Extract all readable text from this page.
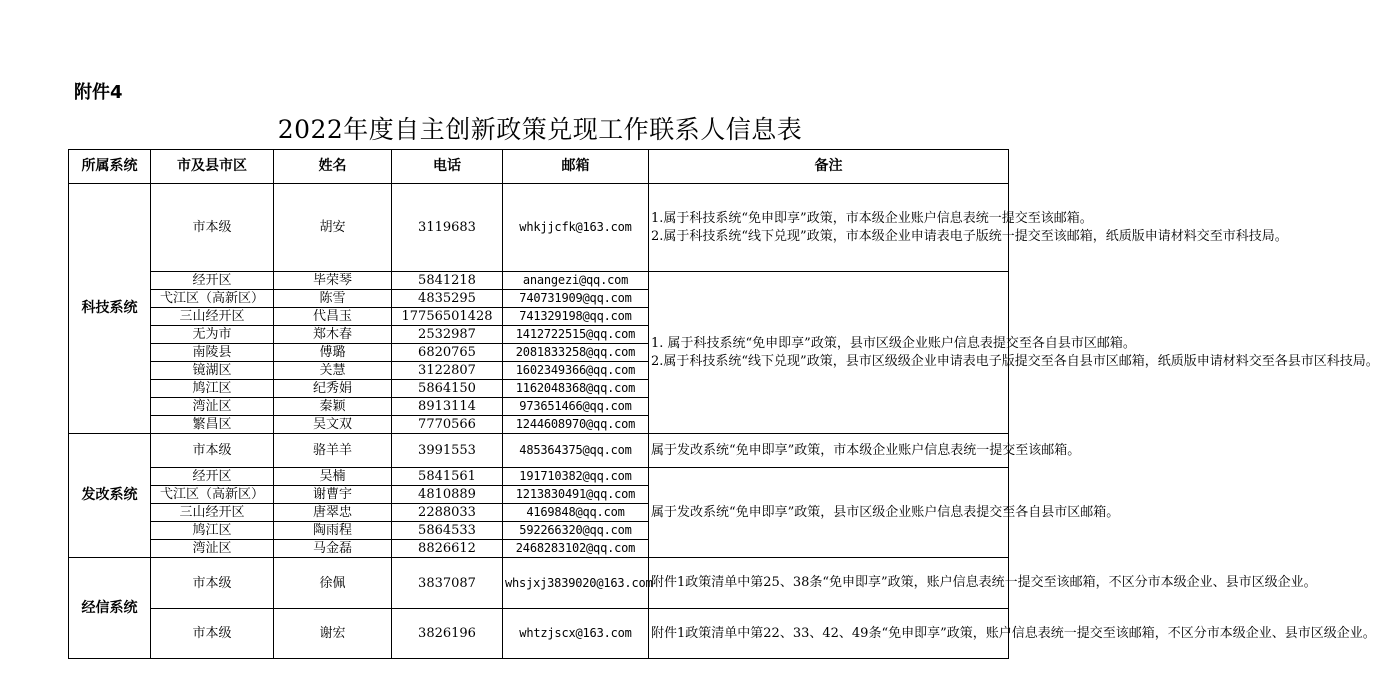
附件4
2022年度自主创新政策兑现工作联系人信息表
所属系统	市及县市区	姓名	电话	邮箱	备注
科技系统	市本级	胡安	3119683	whkjjcfk@163.com	1.属于科技系统“免申即享”政策，市本级企业账户信息表统一提交至该邮箱。

2.属于科技系统“线下兑现”政策，市本级企业申请表电子版统一提交至该邮箱，纸质版申请材料交至市科技局。

	经开区	毕荣琴	5841218	anangezi@qq.com	1. 属于科技系统“免申即享”政策，县市区级企业账户信息表提交至各自县市区邮箱。

2.属于科技系统“线下兑现”政策，县市区级级企业申请表电子版提交至各自县市区邮箱，纸质版申请材料交至各县市区科技局。

	弋江区（高新区）	陈雪	4835295	740731909@qq.com	
	三山经开区	代昌玉	17756501428	741329198@qq.com	
	无为市	郑木春	2532987	1412722515@qq.com	
	南陵县	傅璐	6820765	2081833258@qq.com	
	镜湖区	关慧	3122807	1602349366@qq.com	
	鸠江区	纪秀娟	5864150	1162048368@qq.com	
	湾沚区	秦颖	8913114	973651466@qq.com	
	繁昌区	吴文双	7770566	1244608970@qq.com	
发改系统	市本级	骆羊羊	3991553	485364375@qq.com	属于发改系统“免申即享”政策，市本级企业账户信息表统一提交至该邮箱。
	经开区	吴楠	5841561	191710382@qq.com	属于发改系统“免申即享”政策，县市区级企业账户信息表提交至各自县市区邮箱。
	弋江区（高新区）	谢曹宇	4810889	1213830491@qq.com	
	三山经开区	唐翠忠	2288033	4169848@qq.com	
	鸠江区	陶雨程	5864533	592266320@qq.com	
	湾沚区	马金磊	8826612	2468283102@qq.com	
经信系统	市本级	徐佩	3837087	whsjxj3839020@163.com	附件1政策清单中第25、38条“免申即享”政策，账户信息表统一提交至该邮箱，不区分市本级企业、县市区级企业。
	市本级	谢宏	3826196	whtzjscx@163.com	附件1政策清单中第22、33、42、49条“免申即享”政策，账户信息表统一提交至该邮箱，不区分市本级企业、县市区级企业。
